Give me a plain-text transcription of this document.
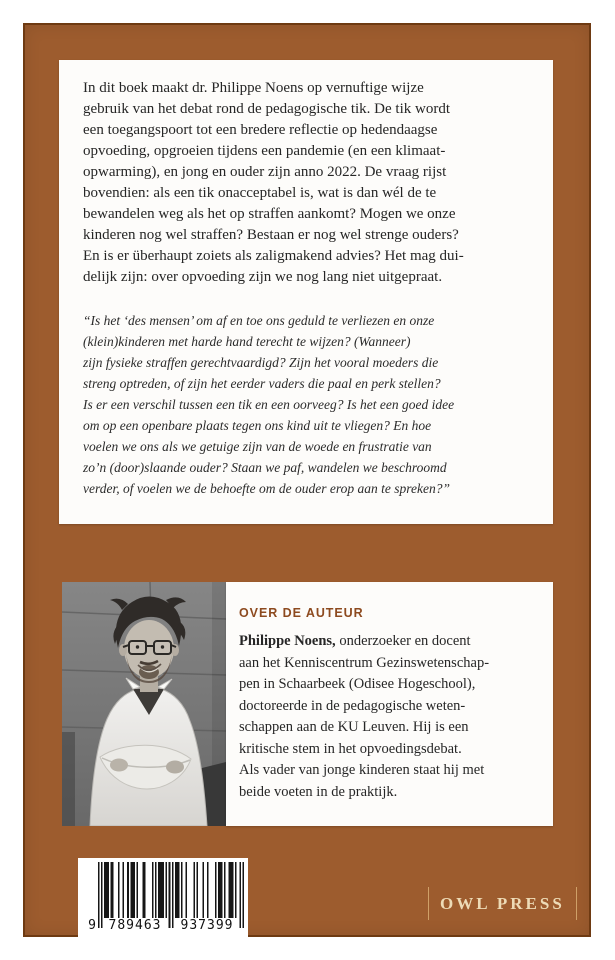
In dit boek maakt dr. Philippe Noens op vernuftige wijze
gebruik van het debat rond de pedagogische tik. De tik wordt
een toegangspoort tot een bredere reflectie op hedendaagse
opvoeding, opgroeien tijdens een pandemie (en een klimaat-
opwarming), en jong en ouder zijn anno 2022. De vraag rijst
bovendien: als een tik onacceptabel is, wat is dan wél de te
bewandelen weg als het op straffen aankomt? Mogen we onze
kinderen nog wel straffen? Bestaan er nog wel strenge ouders?
En is er überhaupt zoiets als zaligmakend advies? Het mag dui-
delijk zijn: over opvoeding zijn we nog lang niet uitgepraat.
“Is het ‘des mensen’ om af en toe ons geduld te verliezen en onze
(klein)kinderen met harde hand terecht te wijzen? (Wanneer)
zijn fysieke straffen gerechtvaardigd? Zijn het vooral moeders die
streng optreden, of zijn het eerder vaders die paal en perk stellen?
Is er een verschil tussen een tik en een oorveeg? Is het een goed idee
om op een openbare plaats tegen ons kind uit te vliegen? En hoe
voelen we ons als we getuige zijn van de woede en frustratie van
zo’n (door)slaande ouder? Staan we paf, wandelen we beschroomd
verder, of voelen we de behoefte om de ouder erop aan te spreken?”
OVER DE AUTEUR
Philippe Noens, onderzoeker en docent
aan het Kenniscentrum Gezinswetenschap-
pen in Schaarbeek (Odisee Hogeschool),
doctoreerde in de pedagogische weten-
schappen aan de KU Leuven. Hij is een
kritische stem in het opvoedingsdebat.
Als vader van jonge kinderen staat hij met
beide voeten in de praktijk.
9 789463	937399
OWL PRESS
